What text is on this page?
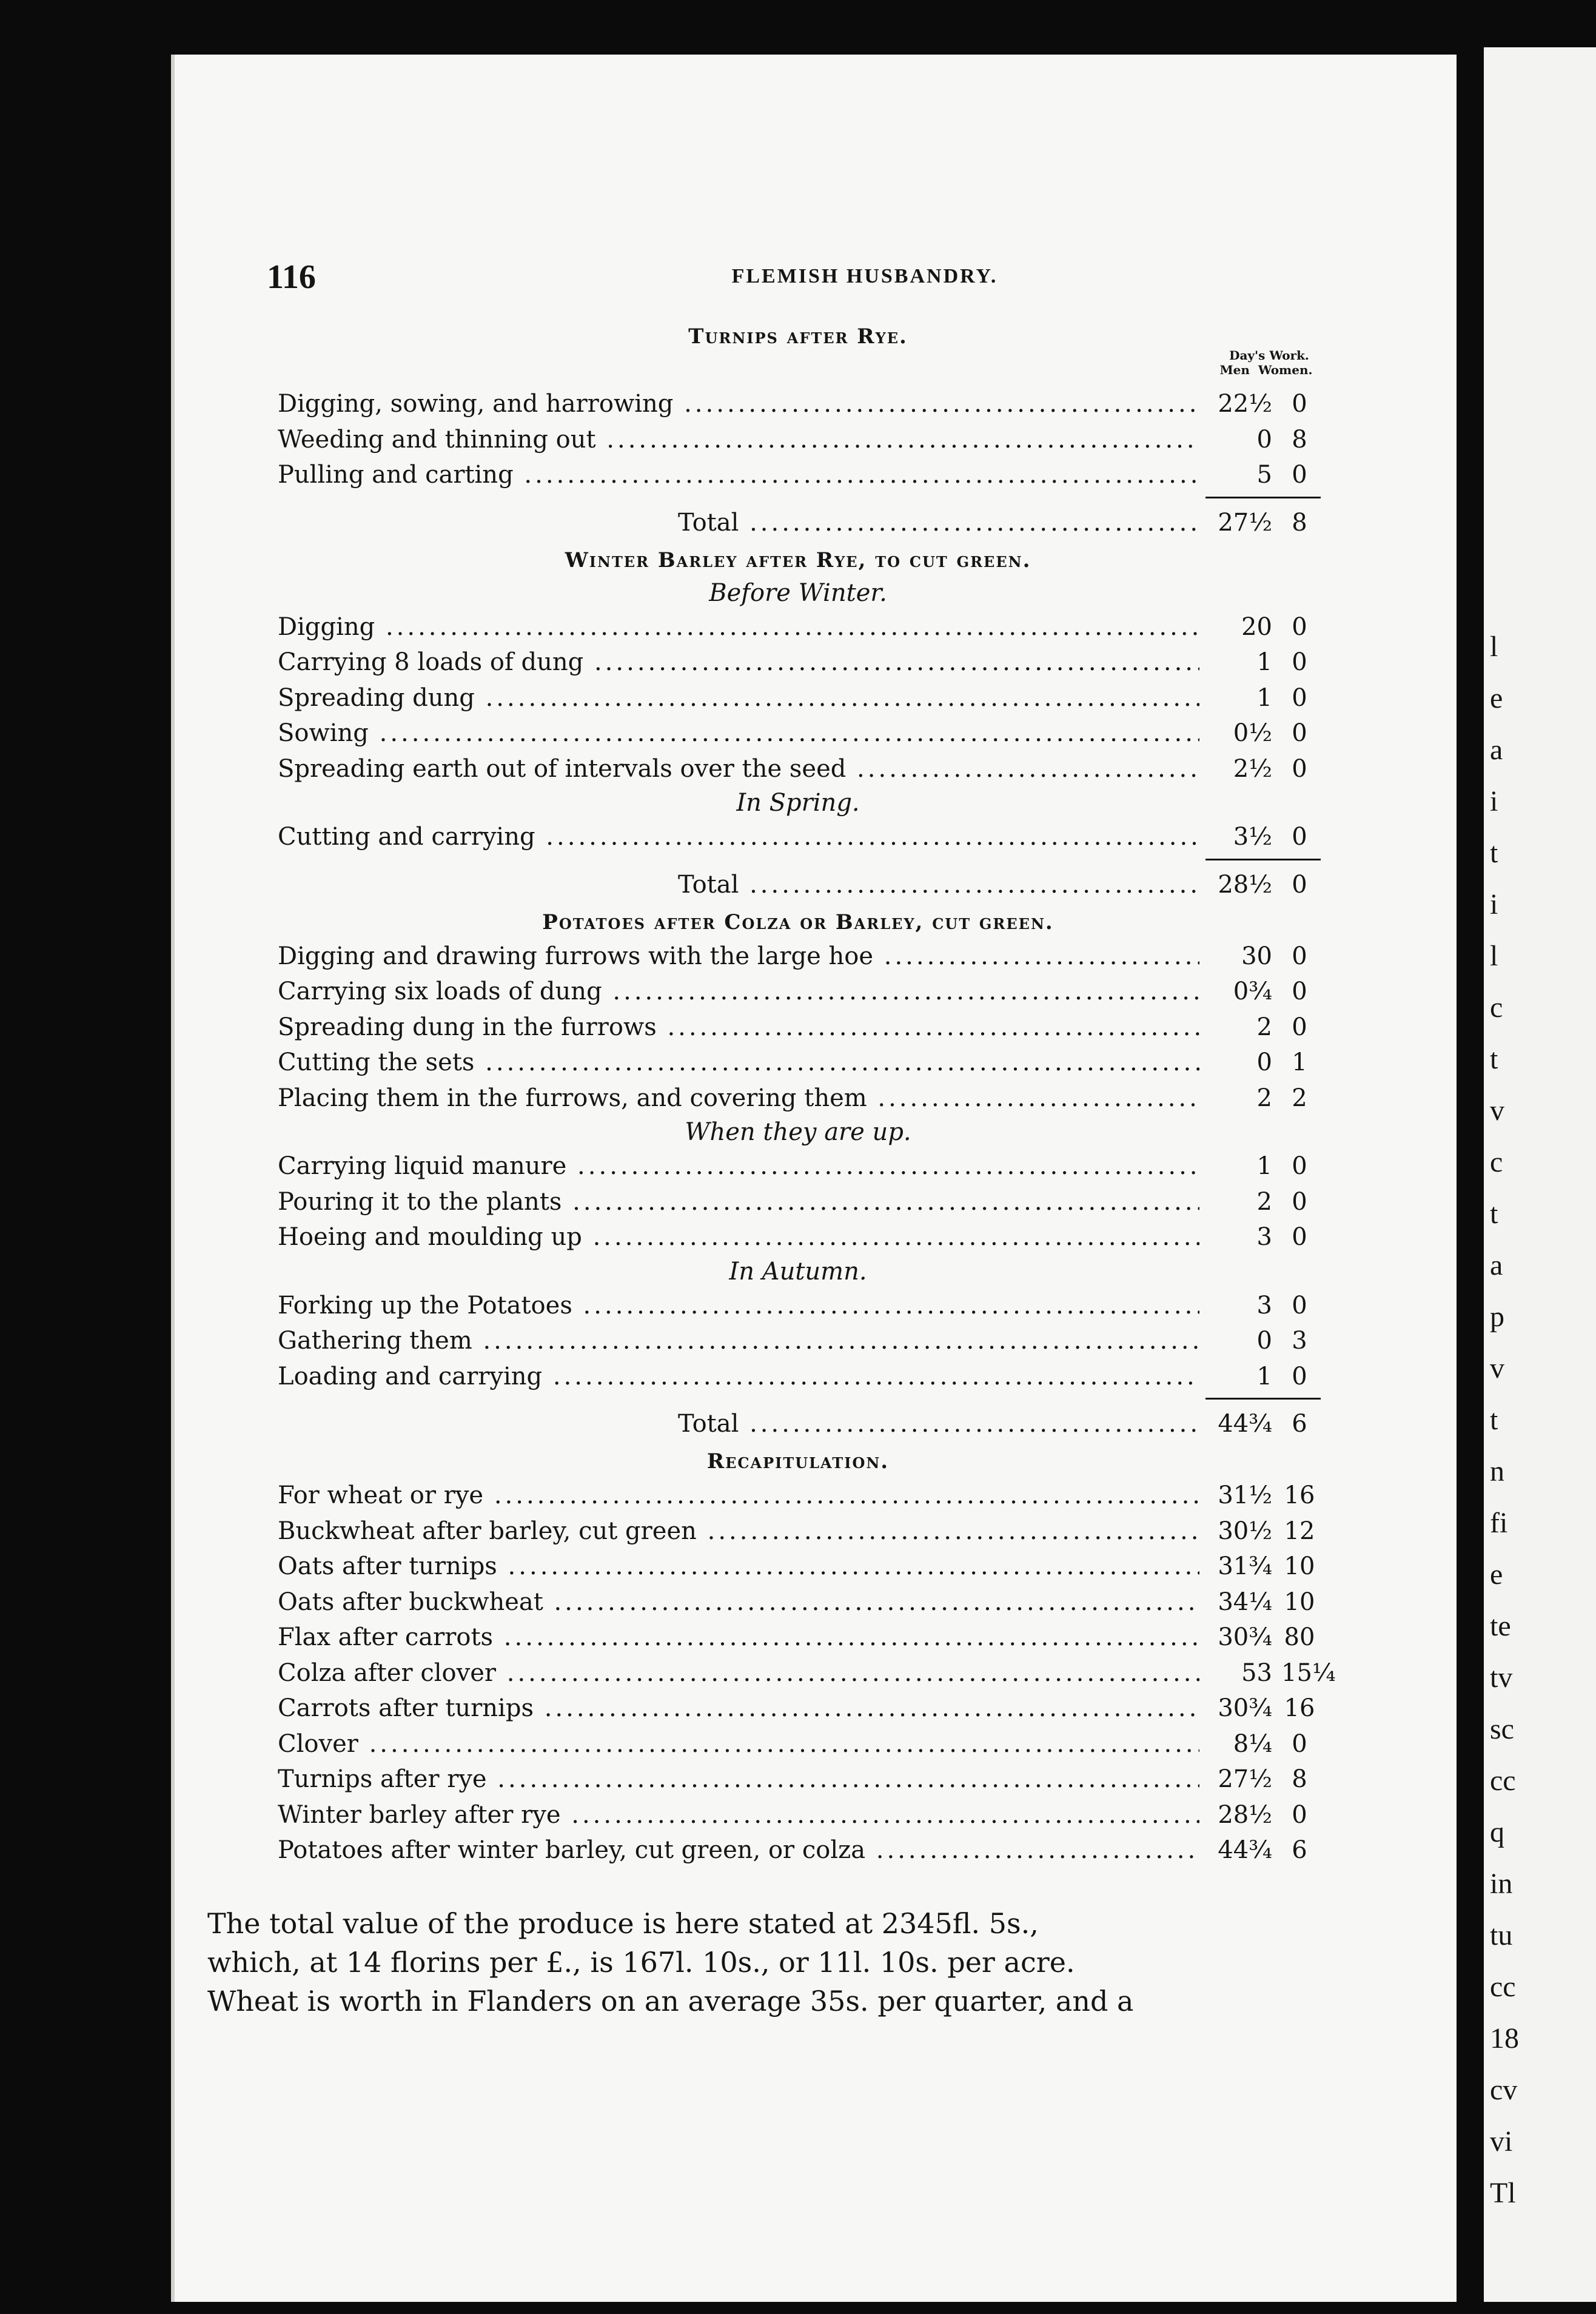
l
e
a
i
t
i
l
c
t
v
c
t
a
p
v
t
n
fi
e
te
tv
sc
cc
q
in
tu
cc
18
cv
vi
Tl
116	FLEMISH HUSBANDRY.
Turnips after Rye.
Day's Work.
Men Women.
Digging, sowing, and harrowing .....	22½ 0
Weeding and thinning out .....	0 8
Pulling and carting .....	5 0
Total .....	27½ 8
Winter Barley after Rye, to cut green.
Before Winter.
Digging .....	20 0
Carrying 8 loads of dung .....	1 0
Spreading dung .....	1 0
Sowing .....	0½ 0
Spreading earth out of intervals over the seed .....	2½ 0
In Spring.
Cutting and carrying .....	3½ 0
Total .....	28½ 0
Potatoes after Colza or Barley, cut green.
Digging and drawing furrows with the large hoe .....	30 0
Carrying six loads of dung .....	0¾ 0
Spreading dung in the furrows .....	2 0
Cutting the sets .....	0 1
Placing them in the furrows, and covering them .....	2 2
When they are up.
Carrying liquid manure .....	1 0
Pouring it to the plants .....	2 0
Hoeing and moulding up .....	3 0
In Autumn.
Forking up the Potatoes .....	3 0
Gathering them .....	0 3
Loading and carrying .....	1 0
Total .....	44¾ 6
Recapitulation.
For wheat or rye .....	31½ 16
Buckwheat after barley, cut green .....	30½ 12
Oats after turnips .....	31¾ 10
Oats after buckwheat .....	34¼ 10
Flax after carrots .....	30¾ 80
Colza after clover .....	53 15¼
Carrots after turnips .....	30¾ 16
Clover .....	8¼ 0
Turnips after rye .....	27½ 8
Winter barley after rye .....	28½ 0
Potatoes after winter barley, cut green, or colza .....	44¾ 6
The total value of the produce is here stated at 2345fl. 5s.,
which, at 14 florins per £., is 167l. 10s., or 11l. 10s. per acre.
Wheat is worth in Flanders on an average 35s. per quarter, and a
